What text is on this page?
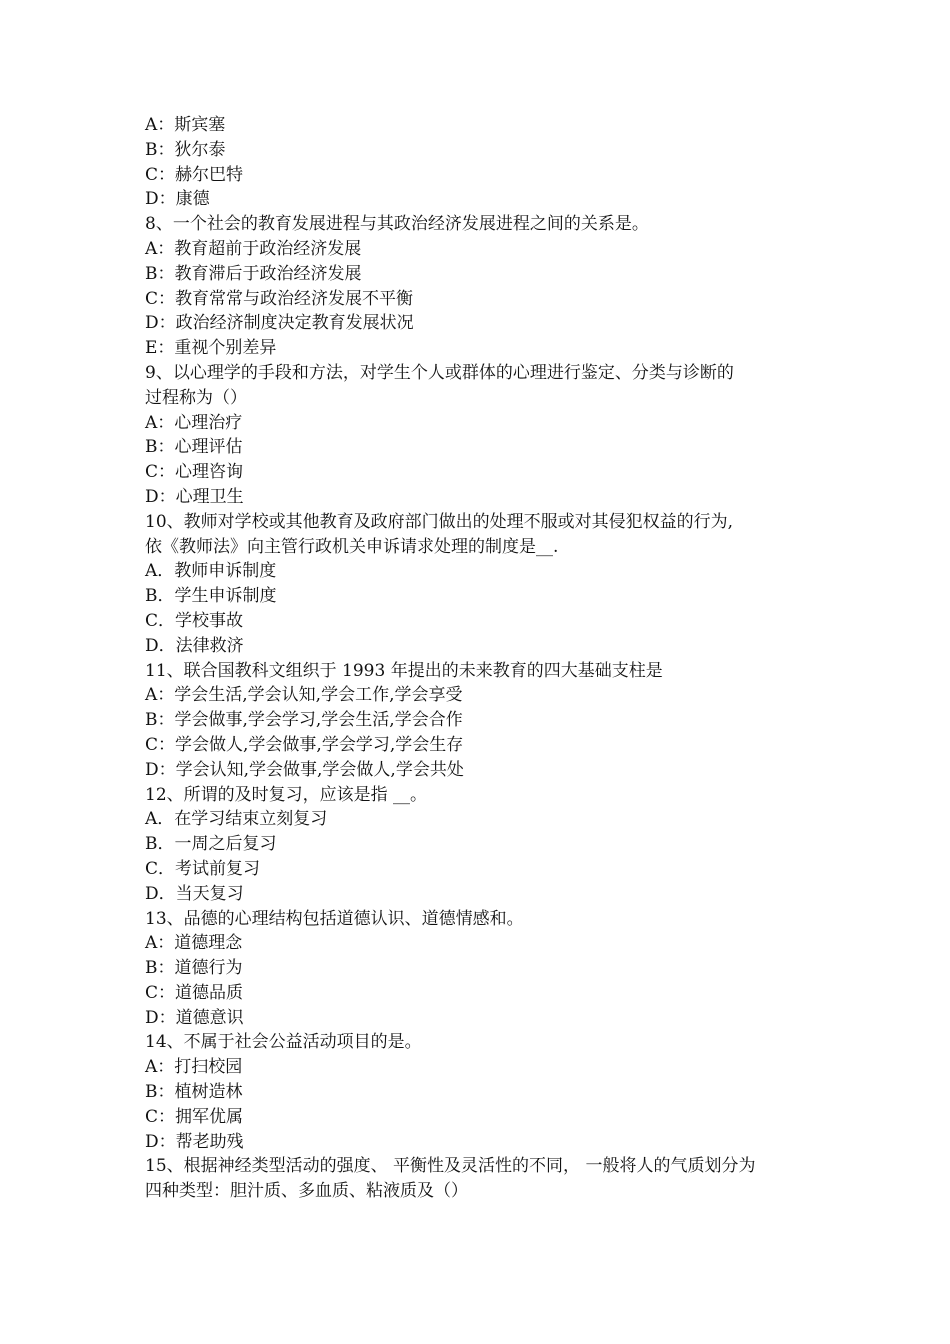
A：斯宾塞
B：狄尔泰
C：赫尔巴特
D：康德
8、一个社会的教育发展进程与其政治经济发展进程之间的关系是。
A：教育超前于政治经济发展
B：教育滞后于政治经济发展
C：教育常常与政治经济发展不平衡
D：政治经济制度决定教育发展状况
E：重视个别差异
9、以心理学的手段和方法，对学生个人或群体的心理进行鉴定、分类与诊断的
过程称为（）
A：心理治疗
B：心理评估
C：心理咨询
D：心理卫生
10、教师对学校或其他教育及政府部门做出的处理不服或对其侵犯权益的行为,
依《教师法》向主管行政机关申诉请求处理的制度是__.
A．教师申诉制度
B．学生申诉制度
C．学校事故
D．法律救济
11、联合国教科文组织于 1993 年提出的未来教育的四大基础支柱是
A：学会生活,学会认知,学会工作,学会享受
B：学会做事,学会学习,学会生活,学会合作
C：学会做人,学会做事,学会学习,学会生存
D：学会认知,学会做事,学会做人,学会共处
12、所谓的及时复习，应该是指 __。
A．在学习结束立刻复习
B．一周之后复习
C．考试前复习
D．当天复习
13、品德的心理结构包括道德认识、道德情感和。
A：道德理念
B：道德行为
C：道德品质
D：道德意识
14、不属于社会公益活动项目的是。
A：打扫校园
B：植树造林
C：拥军优属
D：帮老助残
15、根据神经类型活动的强度、 平衡性及灵活性的不同， 一般将人的气质划分为
四种类型：胆汁质、多血质、粘液质及（）
